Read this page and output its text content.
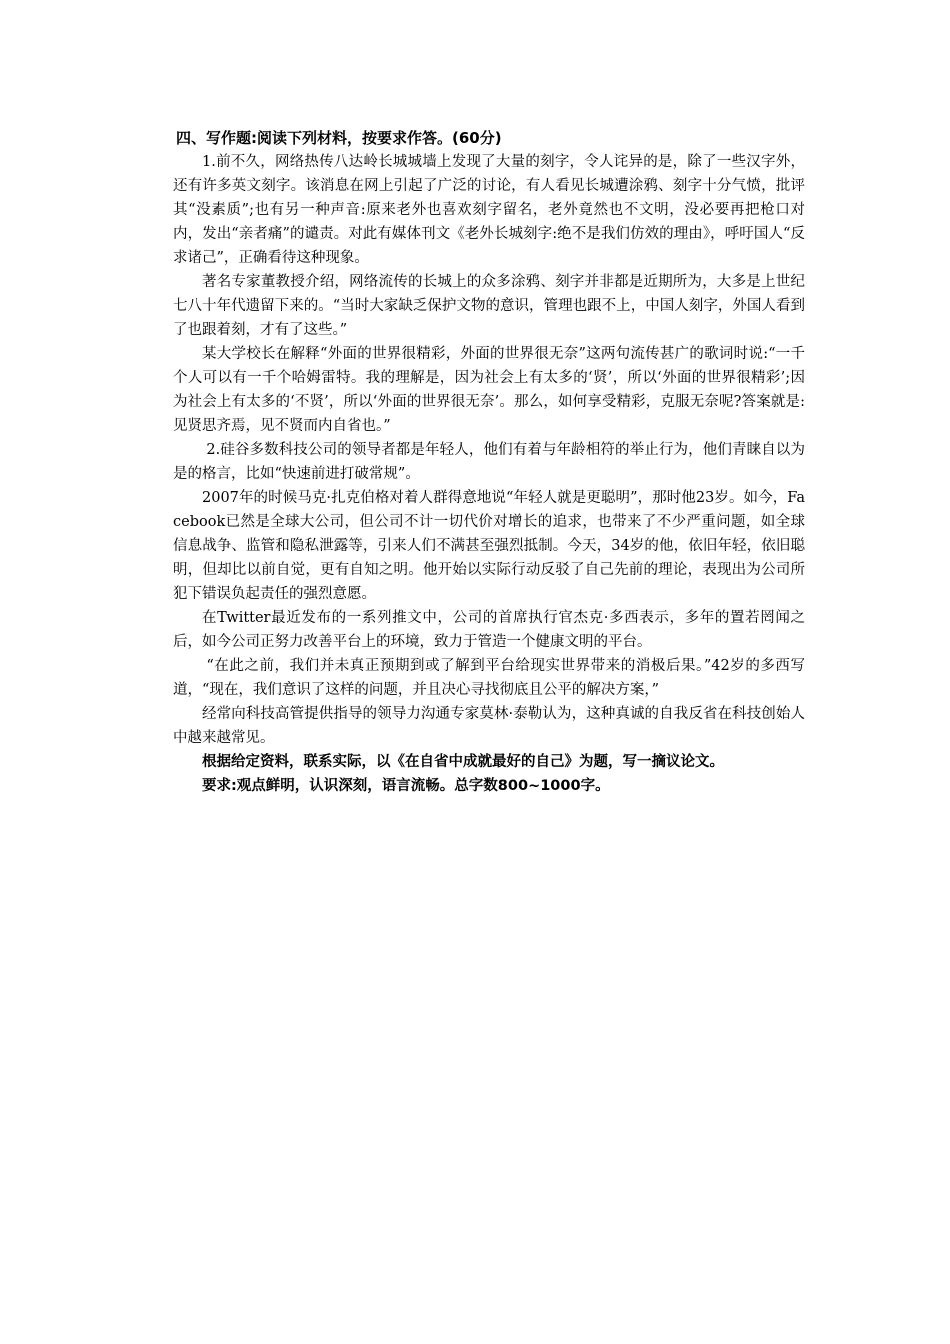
四、写作题:阅读下列材料，按要求作答。(60分)

1.前不久，网络热传八达岭长城城墙上发现了大量的刻字，令人诧异的是，除了一些汉字外，还有许多英文刻字。该消息在网上引起了广泛的讨论，有人看见长城遭涂鸦、刻字十分气愤，批评其“没素质”;也有另一种声音:原来老外也喜欢刻字留名，老外竟然也不文明，没必要再把枪口对内，发出“亲者痛”的谴责。对此有媒体刊文《老外长城刻字:绝不是我们仿效的理由》，呼吁国人“反求诸己”，正确看待这种现象。

著名专家董教授介绍，网络流传的长城上的众多涂鸦、刻字并非都是近期所为，大多是上世纪七八十年代遗留下来的。“当时大家缺乏保护文物的意识，管理也跟不上，中国人刻字，外国人看到了也跟着刻，才有了这些。”

某大学校长在解释“外面的世界很精彩，外面的世界很无奈”这两句流传甚广的歌词时说:“一千个人可以有一千个哈姆雷特。我的理解是，因为社会上有太多的‘贤’，所以‘外面的世界很精彩’;因为社会上有太多的‘不贤’，所以‘外面的世界很无奈’。那么，如何享受精彩，克服无奈呢?答案就是:见贤思齐焉，见不贤而内自省也。”

2.硅谷多数科技公司的领导者都是年轻人，他们有着与年龄相符的举止行为，他们青睐自以为是的格言，比如“快速前进打破常规”。

2007年的时候马克·扎克伯格对着人群得意地说“年轻人就是更聪明”，那时他23岁。如今，Facebook已然是全球大公司，但公司不计一切代价对增长的追求，也带来了不少严重问题，如全球信息战争、监管和隐私泄露等，引来人们不满甚至强烈抵制。今天，34岁的他，依旧年轻，依旧聪明，但却比以前自觉，更有自知之明。他开始以实际行动反驳了自己先前的理论，表现出为公司所犯下错误负起责任的强烈意愿。

在Twitter最近发布的一系列推文中，公司的首席执行官杰克·多西表示，多年的置若罔闻之后，如今公司正努力改善平台上的环境，致力于管造一个健康文明的平台。

“在此之前，我们并未真正预期到或了解到平台给现实世界带来的消极后果。”42岁的多西写道，“现在，我们意识了这样的问题，并且决心寻找彻底且公平的解决方案，”

经常向科技高管提供指导的领导力沟通专家莫林·泰勒认为，这种真诚的自我反省在科技创始人中越来越常见。

根据给定资料，联系实际，以《在自省中成就最好的自己》为题，写一摘议论文。

要求:观点鲜明，认识深刻，语言流畅。总字数800~1000字。
